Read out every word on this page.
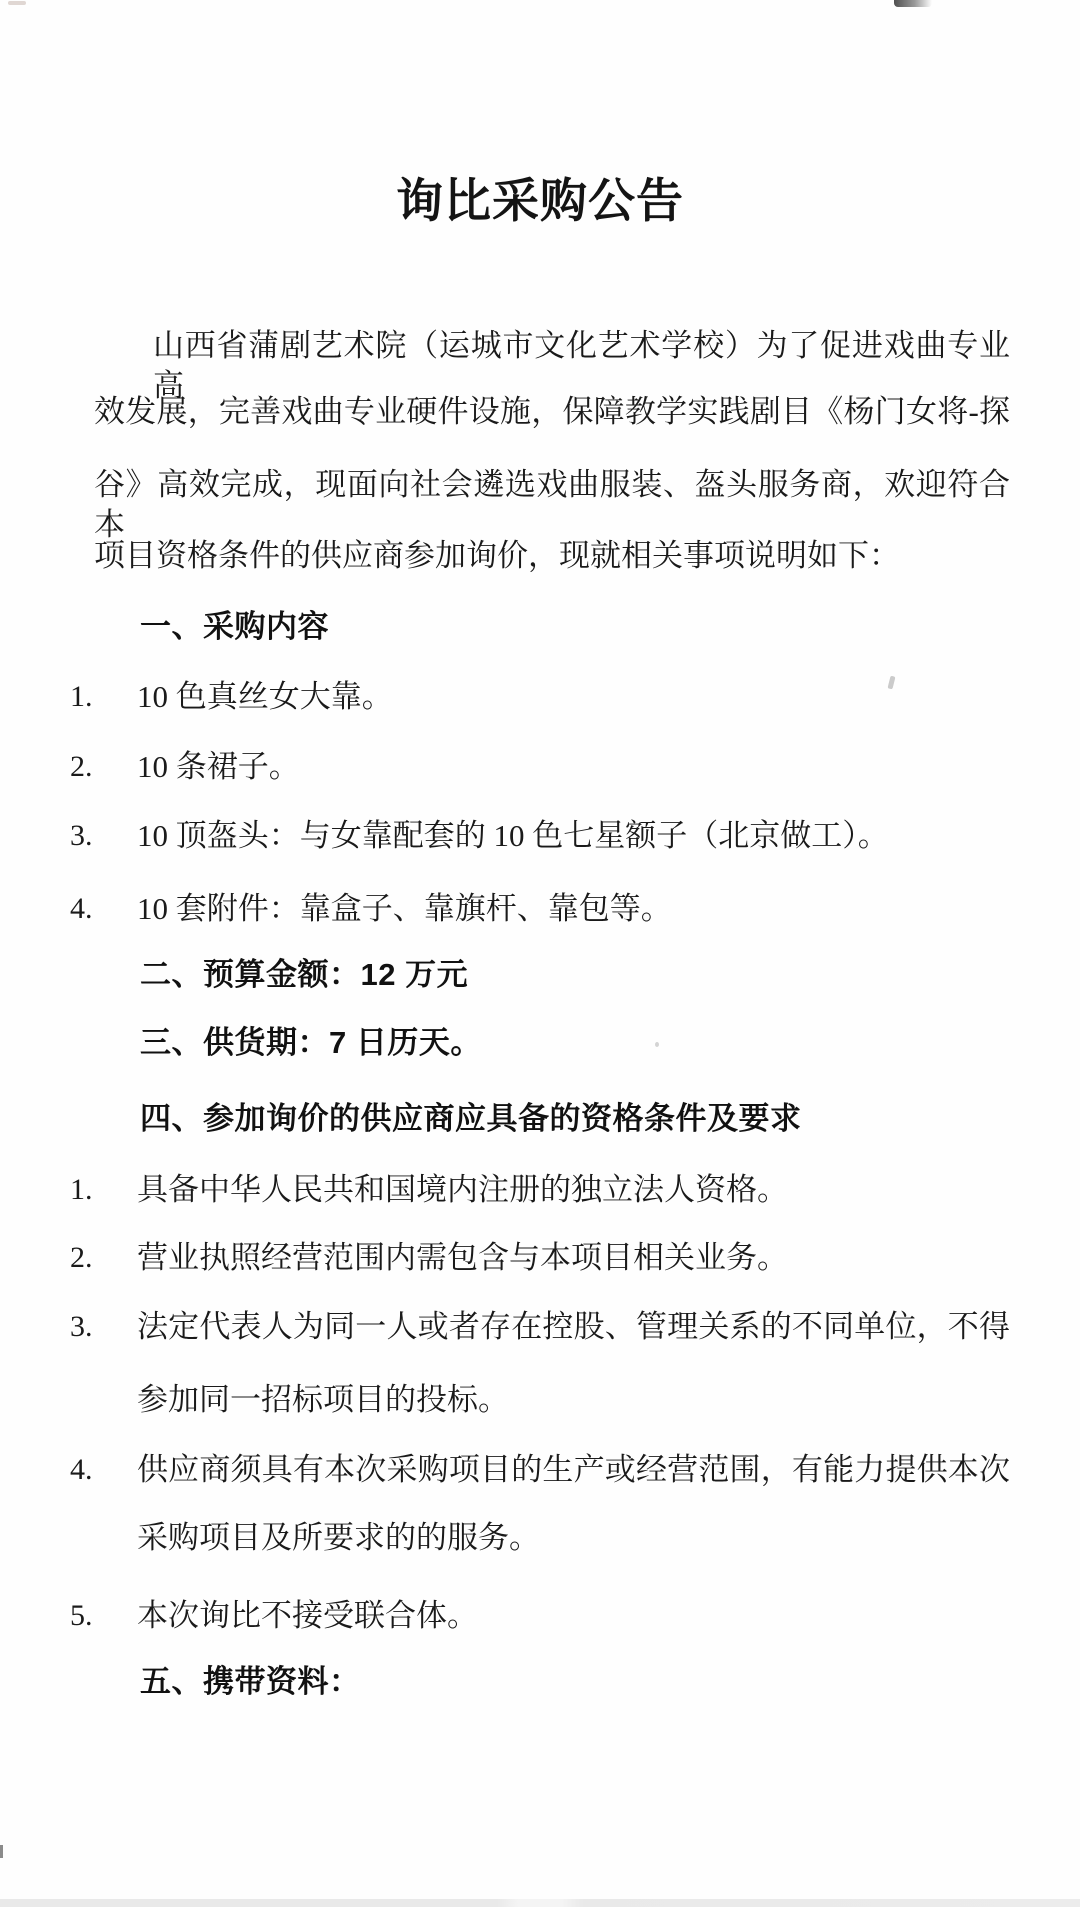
询比采购公告
山西省蒲剧艺术院（运城市文化艺术学校）为了促进戏曲专业高
效发展，完善戏曲专业硬件设施，保障教学实践剧目《杨门女将-探
谷》高效完成，现面向社会遴选戏曲服装、盔头服务商，欢迎符合本
项目资格条件的供应商参加询价，现就相关事项说明如下：
一、采购内容
1.	10 色真丝女大靠。
2.	10 条裙子。
3.	10 顶盔头：与女靠配套的 10 色七星额子（北京做工）。
4.	10 套附件：靠盒子、靠旗杆、靠包等。
二、预算金额：12 万元
三、供货期：7 日历天。
四、参加询价的供应商应具备的资格条件及要求
1.	具备中华人民共和国境内注册的独立法人资格。
2.	营业执照经营范围内需包含与本项目相关业务。
3.	法定代表人为同一人或者存在控股、管理关系的不同单位，不得
参加同一招标项目的投标。
4.	供应商须具有本次采购项目的生产或经营范围，有能力提供本次
采购项目及所要求的的服务。
5.	本次询比不接受联合体。
五、携带资料：
